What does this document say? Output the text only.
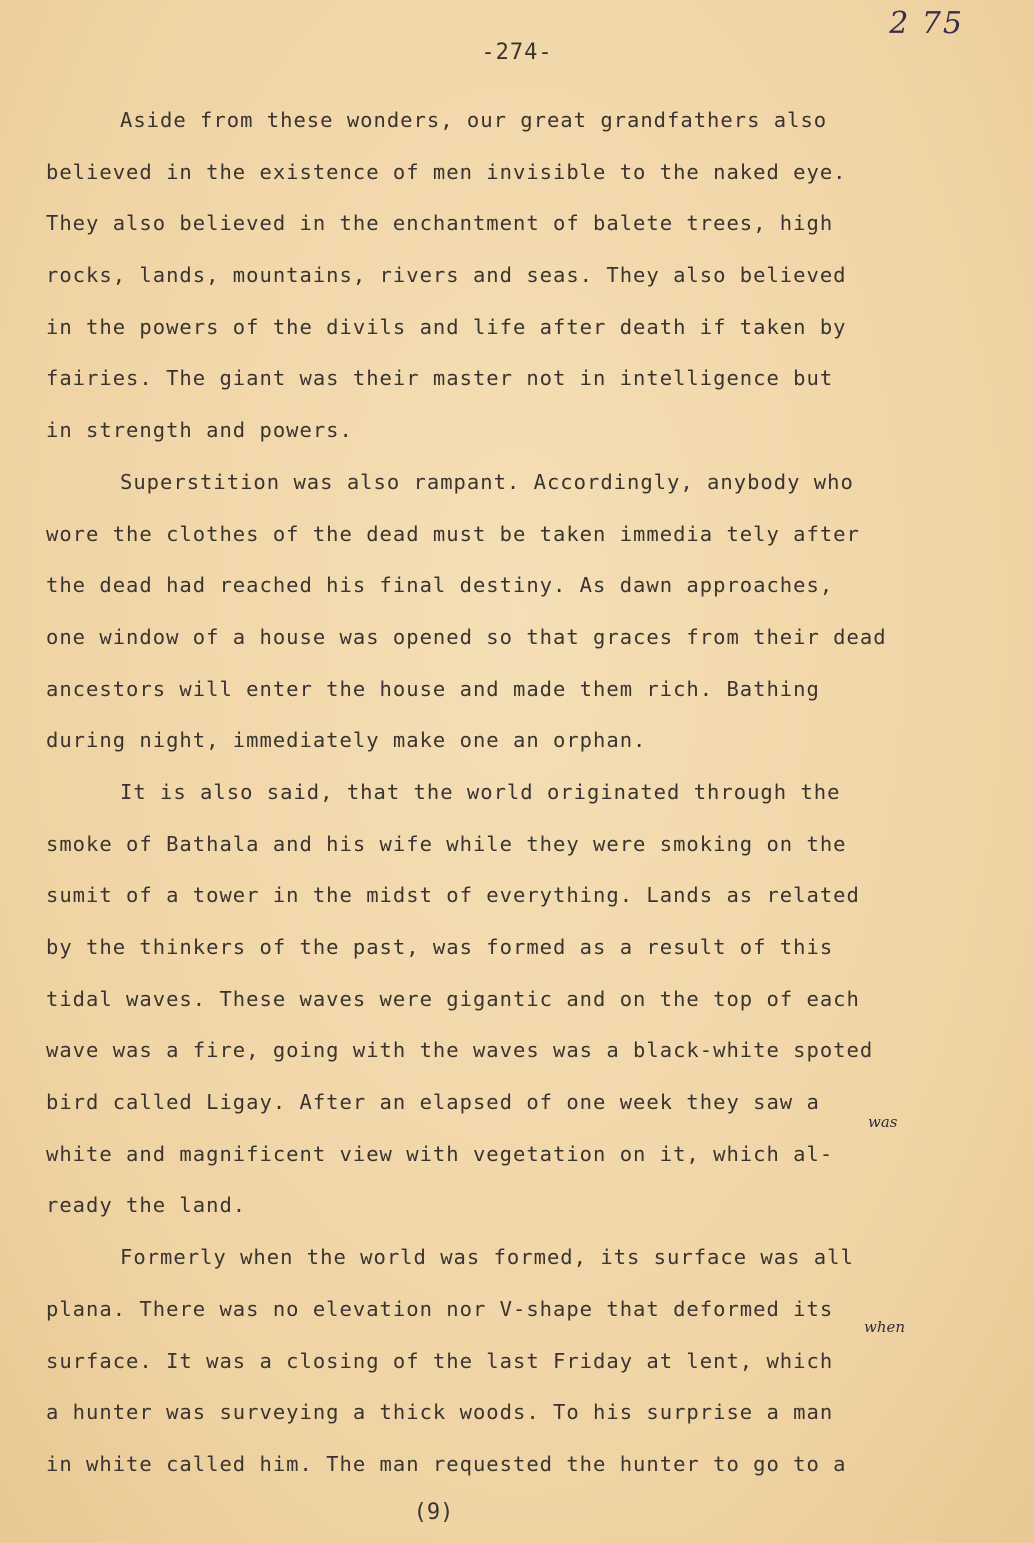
2 75
-274-
Aside from these wonders, our great grandfathers also
believed in the existence of men invisible to the naked eye.
They also believed in the enchantment of balete trees, high
rocks, lands, mountains, rivers and seas. They also believed
in the powers of the divils and life after death if taken by
fairies. The giant was their master not in intelligence but
in strength and powers.
Superstition was also rampant. Accordingly, anybody who
wore the clothes of the dead must be taken immedia tely after
the dead had reached his final destiny. As dawn approaches,
one window of a house was opened so that graces from their dead
ancestors will enter the house and made them rich. Bathing
during night, immediately make one an orphan.
It is also said, that the world originated through the
smoke of Bathala and his wife while they were smoking on the
sumit of a tower in the midst of everything. Lands as related
by the thinkers of the past, was formed as a result of this
tidal waves. These waves were gigantic and on the top of each
wave was a fire, going with the waves was a black-white spoted
bird called Ligay. After an elapsed of one week they saw a
white and magnificent view with vegetation on it, which al-
ready the land.
Formerly when the world was formed, its surface was all
plana. There was no elevation nor V-shape that deformed its
surface. It was a closing of the last Friday at lent, which
a hunter was surveying a thick woods. To his surprise a man
in white called him. The man requested the hunter to go to a
was
when
(9)
